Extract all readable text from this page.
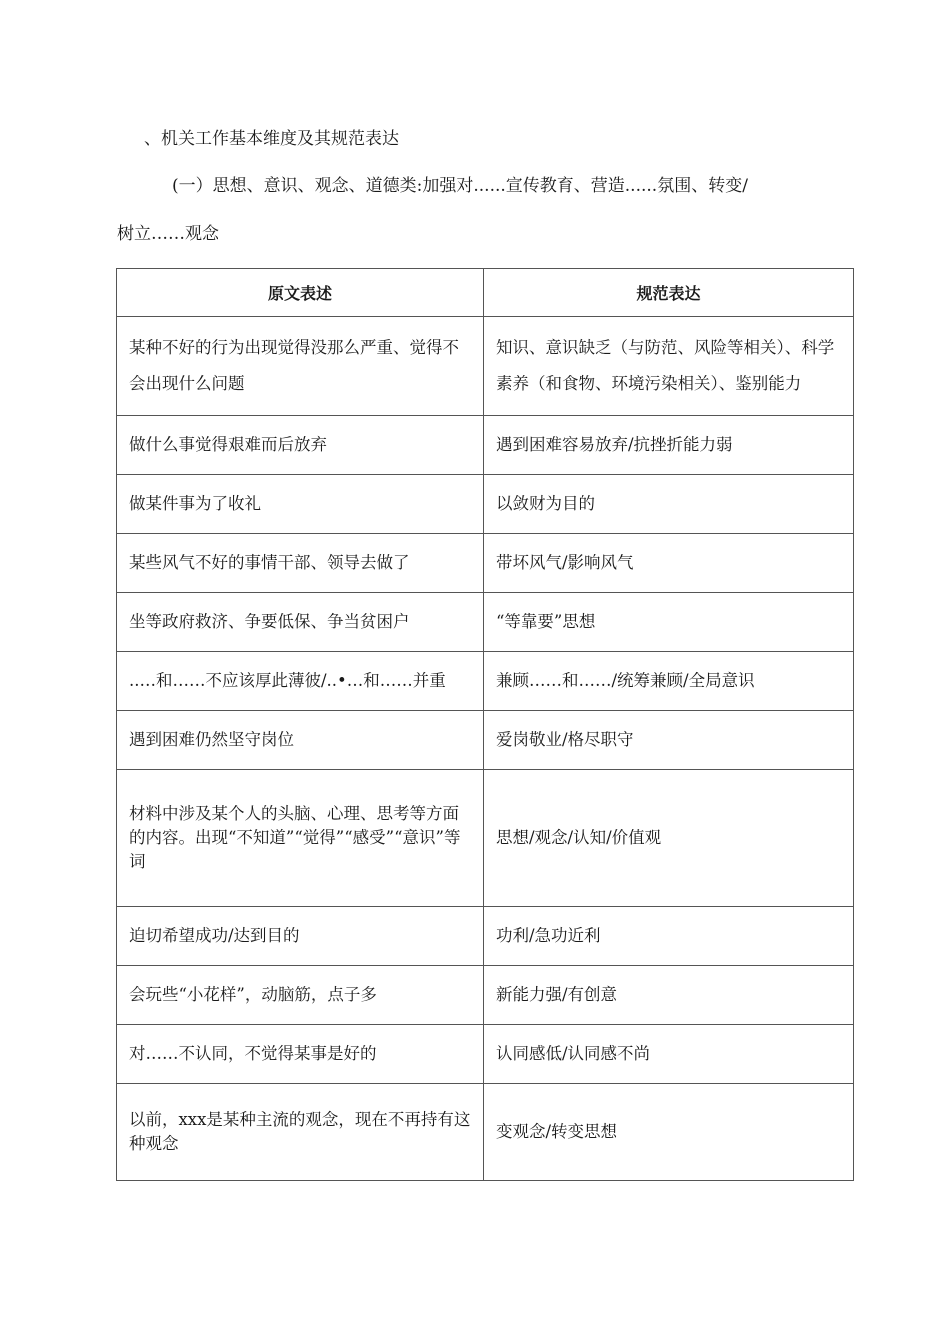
、机关工作基本维度及其规范表达
(一）思想、意识、观念、道德类:加强对......宣传教育、营造......氛围、转变/
树立……观念
原文表述	规范表达

某种不好的行为出现觉得没那么严重、觉得不
会出现什么问题	知识、意识缺乏（与防范、风险等相关）、科学
素养（和食物、环境污染相关）、鉴别能力

做什么事觉得艰难而后放弃	遇到困难容易放弃/抗挫折能力弱
做某件事为了收礼	以敛财为目的
某些风气不好的事情干部、领导去做了	带坏风气/影响风气
坐等政府救济、争要低保、争当贫困户	“等靠要”思想
..…和……不应该厚此薄彼/..•…和……并重	兼顾……和……/统筹兼顾/全局意识
遇到困难仍然坚守岗位	爱岗敬业/格尽职守
材料中涉及某个人的头脑、心理、思考等方面的内容。出现“不知道”“觉得”“感受”“意识”等词	思想/观念/认知/价值观
迫切希望成功/达到目的	功利/急功近利
会玩些“小花样”，动脑筋，点子多	新能力强/有创意
对……不认同，不觉得某事是好的	认同感低/认同感不尚
以前，xxx是某种主流的观念，现在不再持有这种观念	变观念/转变思想
